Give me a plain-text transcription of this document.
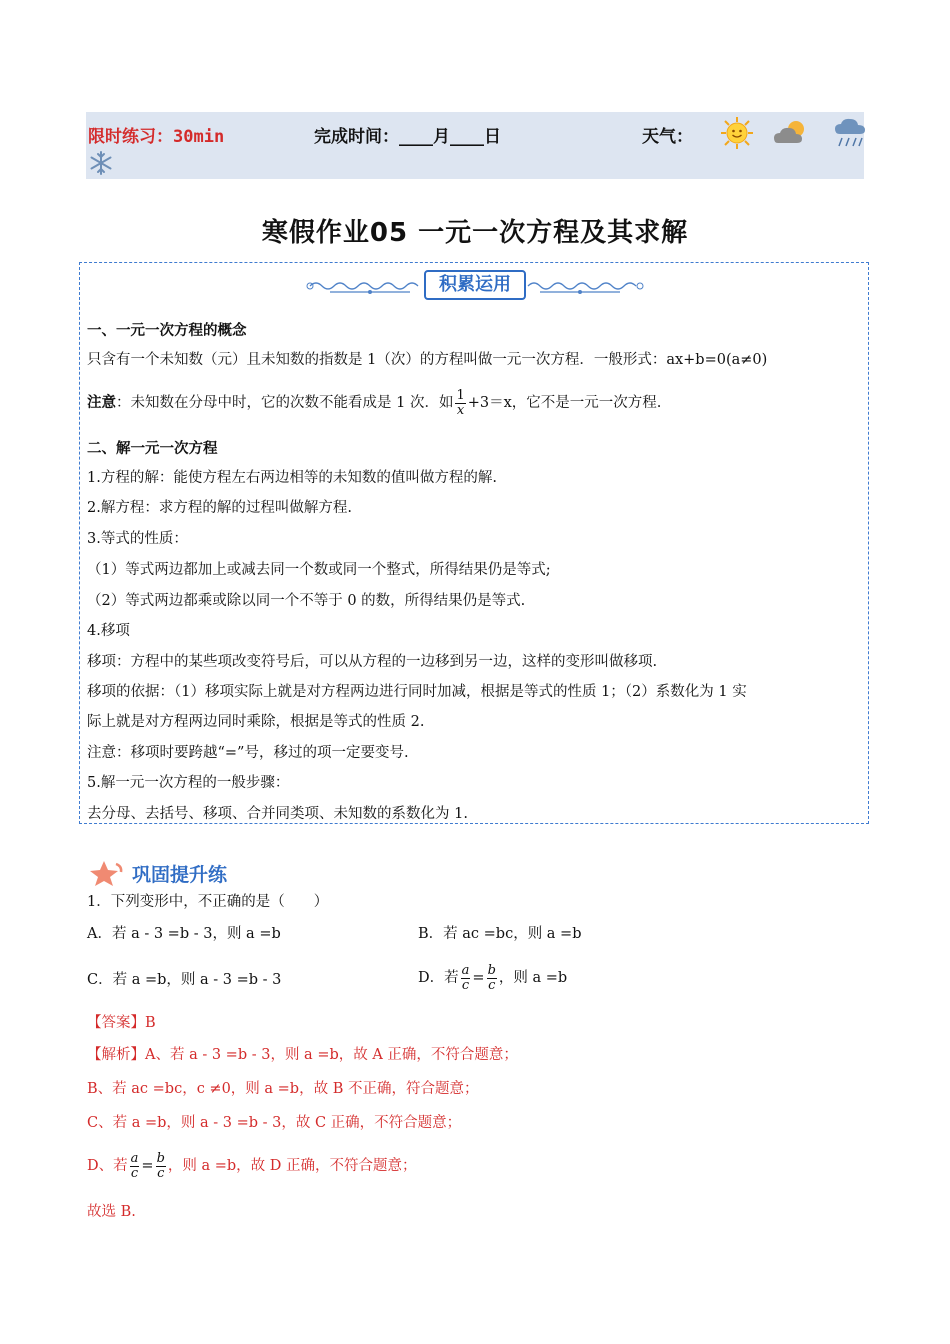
限时练习：30min	完成时间：____月____日	天气：
寒假作业05 一元一次方程及其求解
积累运用
一、一元一次方程的概念
只含有一个未知数（元）且未知数的指数是 1（次）的方程叫做一元一次方程．一般形式：ax+b=0(a≠0)
注意：未知数在分母中时，它的次数不能看成是 1 次．如 $\frac{1}{x} +3=x$，它不是一元一次方程.
二、解一元一次方程
1.方程的解：能使方程左右两边相等的未知数的值叫做方程的解.
2.解方程：求方程的解的过程叫做解方程.
3.等式的性质：
（1）等式两边都加上或减去同一个数或同一个整式，所得结果仍是等式;
（2）等式两边都乘或除以同一个不等于 0 的数，所得结果仍是等式.
4.移项
移项：方程中的某些项改变符号后，可以从方程的一边移到另一边，这样的变形叫做移项.
移项的依据：（1）移项实际上就是对方程两边进行同时加减，根据是等式的性质 1；（2）系数化为 1 实
际上就是对方程两边同时乘除，根据是等式的性质 2.
注意：移项时要跨越“=”号，移过的项一定要变号.
5.解一元一次方程的一般步骤：
去分母、去括号、移项、合并同类项、未知数的系数化为 1.
巩固提升练
1．下列变形中，不正确的是（　　）
A．若 a - 3 =b - 3，则 a =b	B．若 ac =bc，则 a =b
C．若 a =b，则 a - 3 =b - 3	D．若 $\frac{a}{c} = \frac{b}{c}$ ，则 a =b
【答案】B
【解析】A、若 a - 3 =b - 3，则 a =b，故 A 正确，不符合题意；
B、若 ac =bc，c ≠0，则 a =b，故 B 不正确，符合题意；
C、若 a =b，则 a - 3 =b - 3，故 C 正确，不符合题意；
D、若 $\frac{a}{c} = \frac{b}{c}$ ，则 a =b，故 D 正确，不符合题意；
故选 B.
